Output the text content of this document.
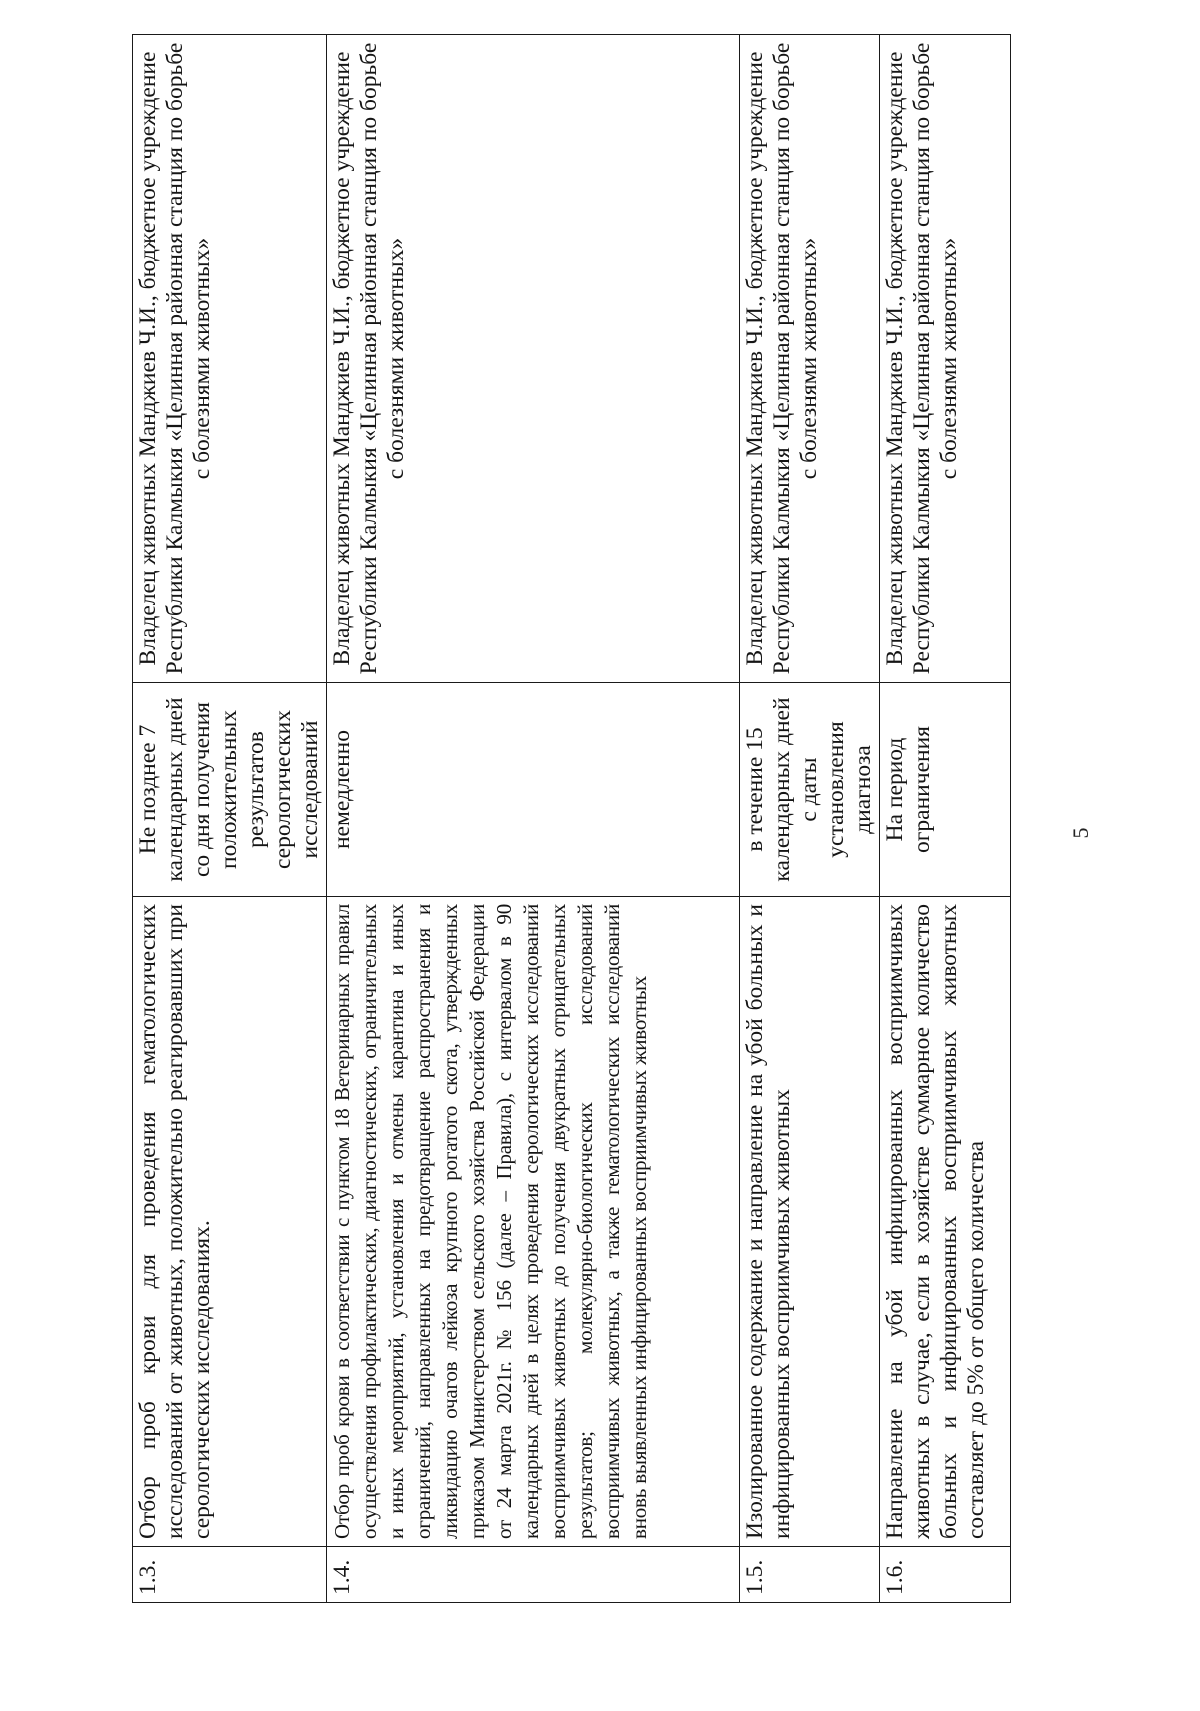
1.3.	Отбор проб крови для проведения гематологических исследований от животных, положительно реагировавших при серологических исследованиях.	Не позднее 7 календарных дней со дня получения положительных результатов серологических исследований	Владелец животных Манджиев Ч.И., бюджетное учреждение Республики Калмыкия «Целинная районная станция по борьбе с болезнями животных»
1.4.	Отбор проб крови в соответствии с пунктом 18 Ветеринарных правил осуществления профилактических, диагностических, ограничительных и иных мероприятий, установления и отмены карантина и иных ограничений, направленных на предотвращение распространения и ликвидацию очагов лейкоза крупного рогатого скота, утвержденных приказом Министерством сельского хозяйства Российской Федерации от 24 марта 2021г. № 156 (далее – Правила), с интервалом в 90 календарных дней в целях проведения серологических исследований восприимчивых животных до получения двукратных отрицательных результатов; молекулярно-биологических исследований восприимчивых животных, а также гематологических исследований вновь выявленных инфицированных восприимчивых животных	немедленно	Владелец животных Манджиев Ч.И., бюджетное учреждение Республики Калмыкия «Целинная районная станция по борьбе с болезнями животных»
1.5.	Изолированное содержание и направление на убой больных и инфицированных восприимчивых животных	в течение 15 календарных дней с даты установления диагноза	Владелец животных Манджиев Ч.И., бюджетное учреждение Республики Калмыкия «Целинная районная станция по борьбе с болезнями животных»
1.6.	Направление на убой инфицированных восприимчивых животных в случае, если в хозяйстве суммарное количество больных и инфицированных восприимчивых животных составляет до 5% от общего количества	На период ограничения	Владелец животных Манджиев Ч.И., бюджетное учреждение Республики Калмыкия «Целинная районная станция по борьбе с болезнями животных»
5
